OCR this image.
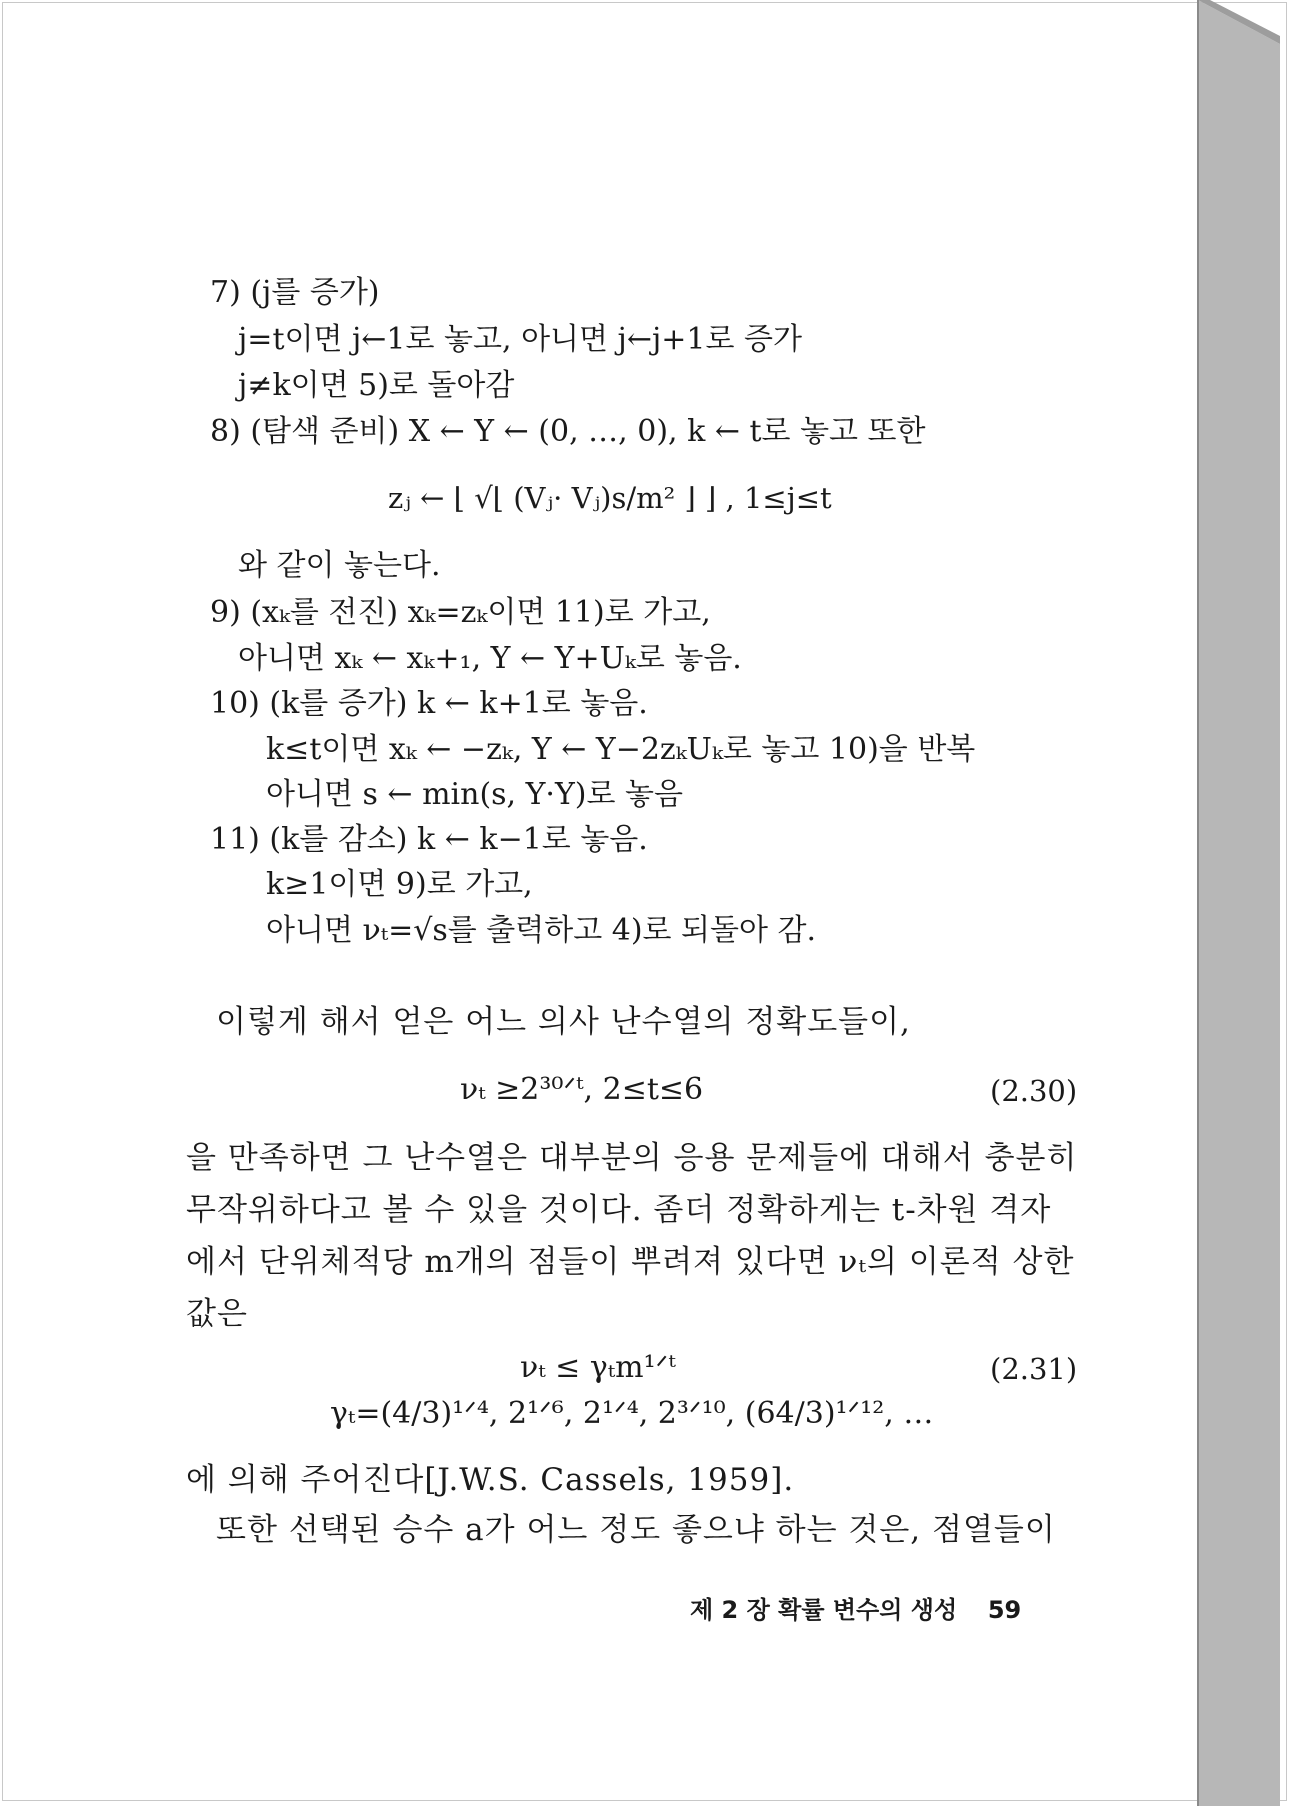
7) (j를 증가)
j=t이면 j←1로 놓고, 아니면 j←j+1로 증가
j≠k이면 5)로 돌아감
8) (탐색 준비) X ← Y ← (0, …, 0), k ← t로 놓고 또한
zⱼ ← ⌊ √⌊ (Vⱼ· Vⱼ)s/m² ⌋ ⌋ , 1≤j≤t
와 같이 놓는다.
9) (xₖ를 전진) xₖ=zₖ이면 11)로 가고,
아니면 xₖ ← xₖ+₁, Y ← Y+Uₖ로 놓음.
10) (k를 증가) k ← k+1로 놓음.
k≤t이면 xₖ ← −zₖ, Y ← Y−2zₖUₖ로 놓고 10)을 반복
아니면 s ← min(s, Y·Y)로 놓음
11) (k를 감소) k ← k−1로 놓음.
k≥1이면 9)로 가고,
아니면 νₜ=√s를 출력하고 4)로 되돌아 감.
이렇게 해서 얻은 어느 의사 난수열의 정확도들이,
νₜ ≥2³⁰ᐟᵗ, 2≤t≤6	(2.30)
을 만족하면 그 난수열은 대부분의 응용 문제들에 대해서 충분히
무작위하다고 볼 수 있을 것이다. 좀더 정확하게는 t-차원 격자
에서 단위체적당 m개의 점들이 뿌려져 있다면 νₜ의 이론적 상한
값은
νₜ ≤ γₜm¹ᐟᵗ	(2.31)
γₜ=(4/3)¹ᐟ⁴, 2¹ᐟ⁶, 2¹ᐟ⁴, 2³ᐟ¹⁰, (64/3)¹ᐟ¹², …
에 의해 주어진다[J.W.S. Cassels, 1959].
또한 선택된 승수 a가 어느 정도 좋으냐 하는 것은, 점열들이
제 2 장 확률 변수의 생성 59
